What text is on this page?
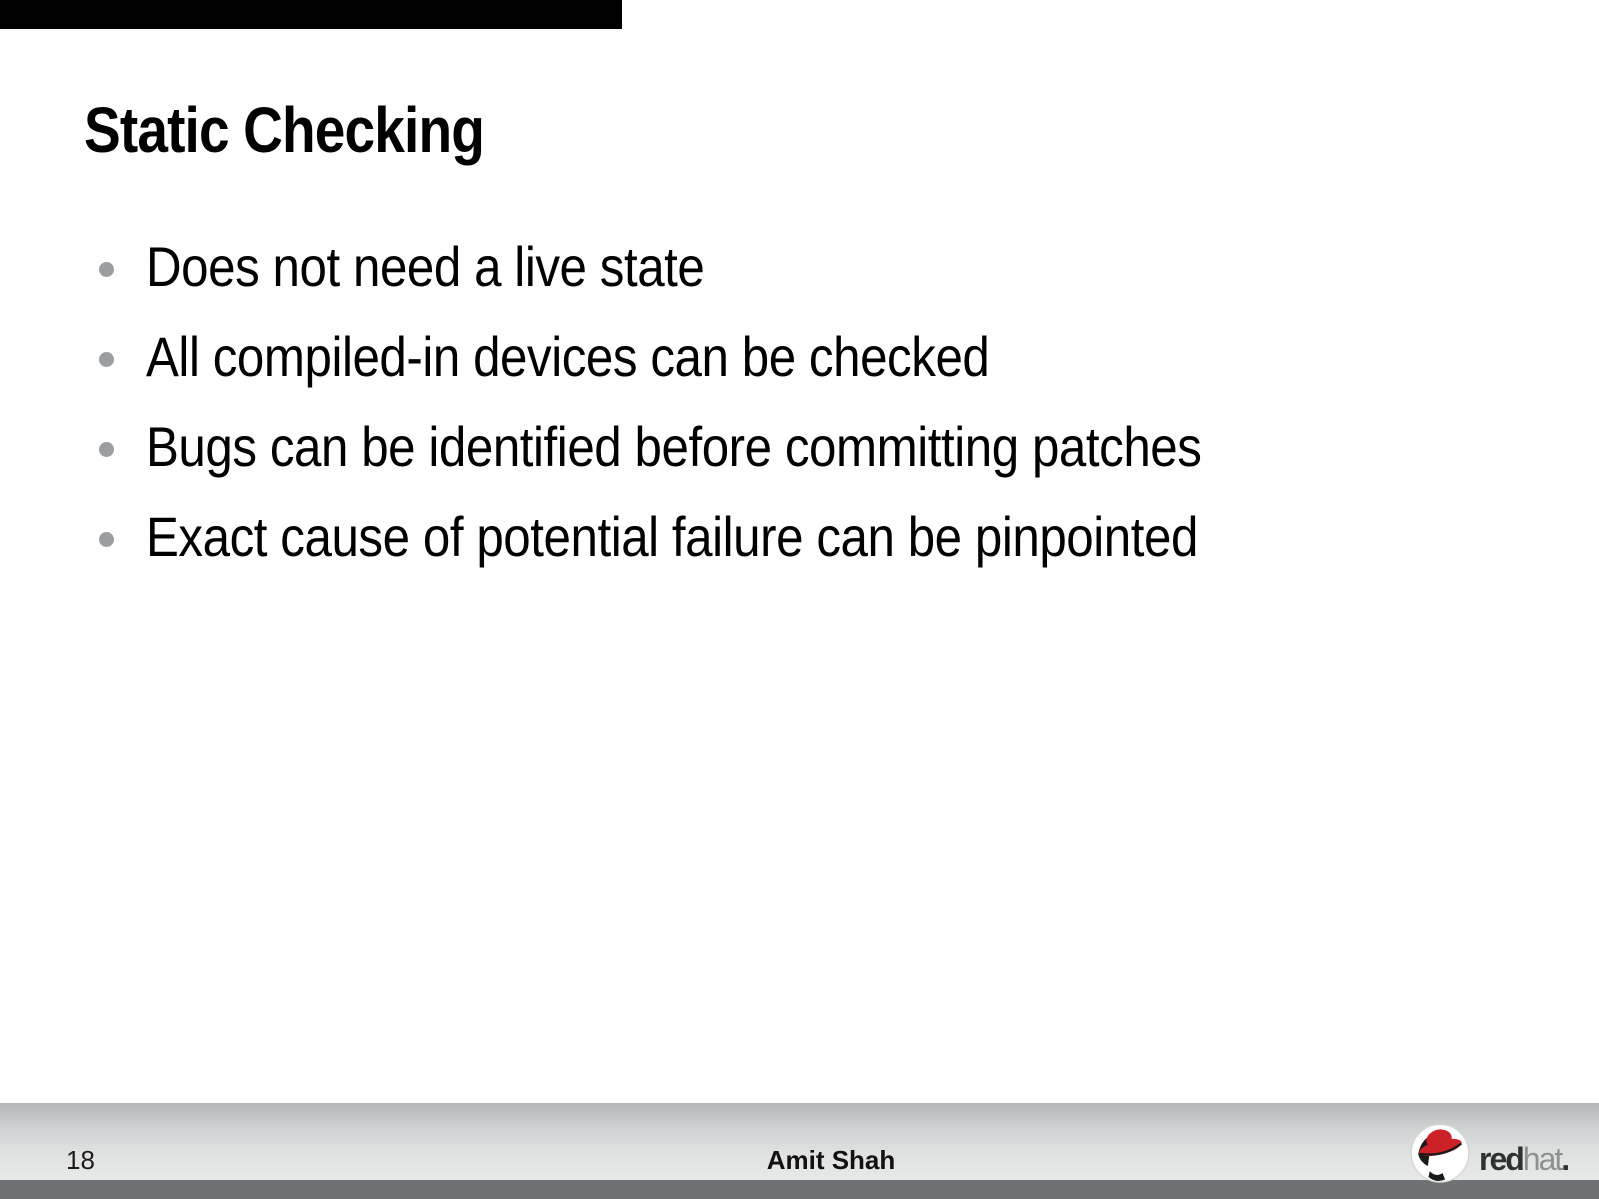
Static Checking
Does not need a live state
All compiled-in devices can be checked
Bugs can be identified before committing patches
Exact cause of potential failure can be pinpointed
18	Amit Shah	redhat.
